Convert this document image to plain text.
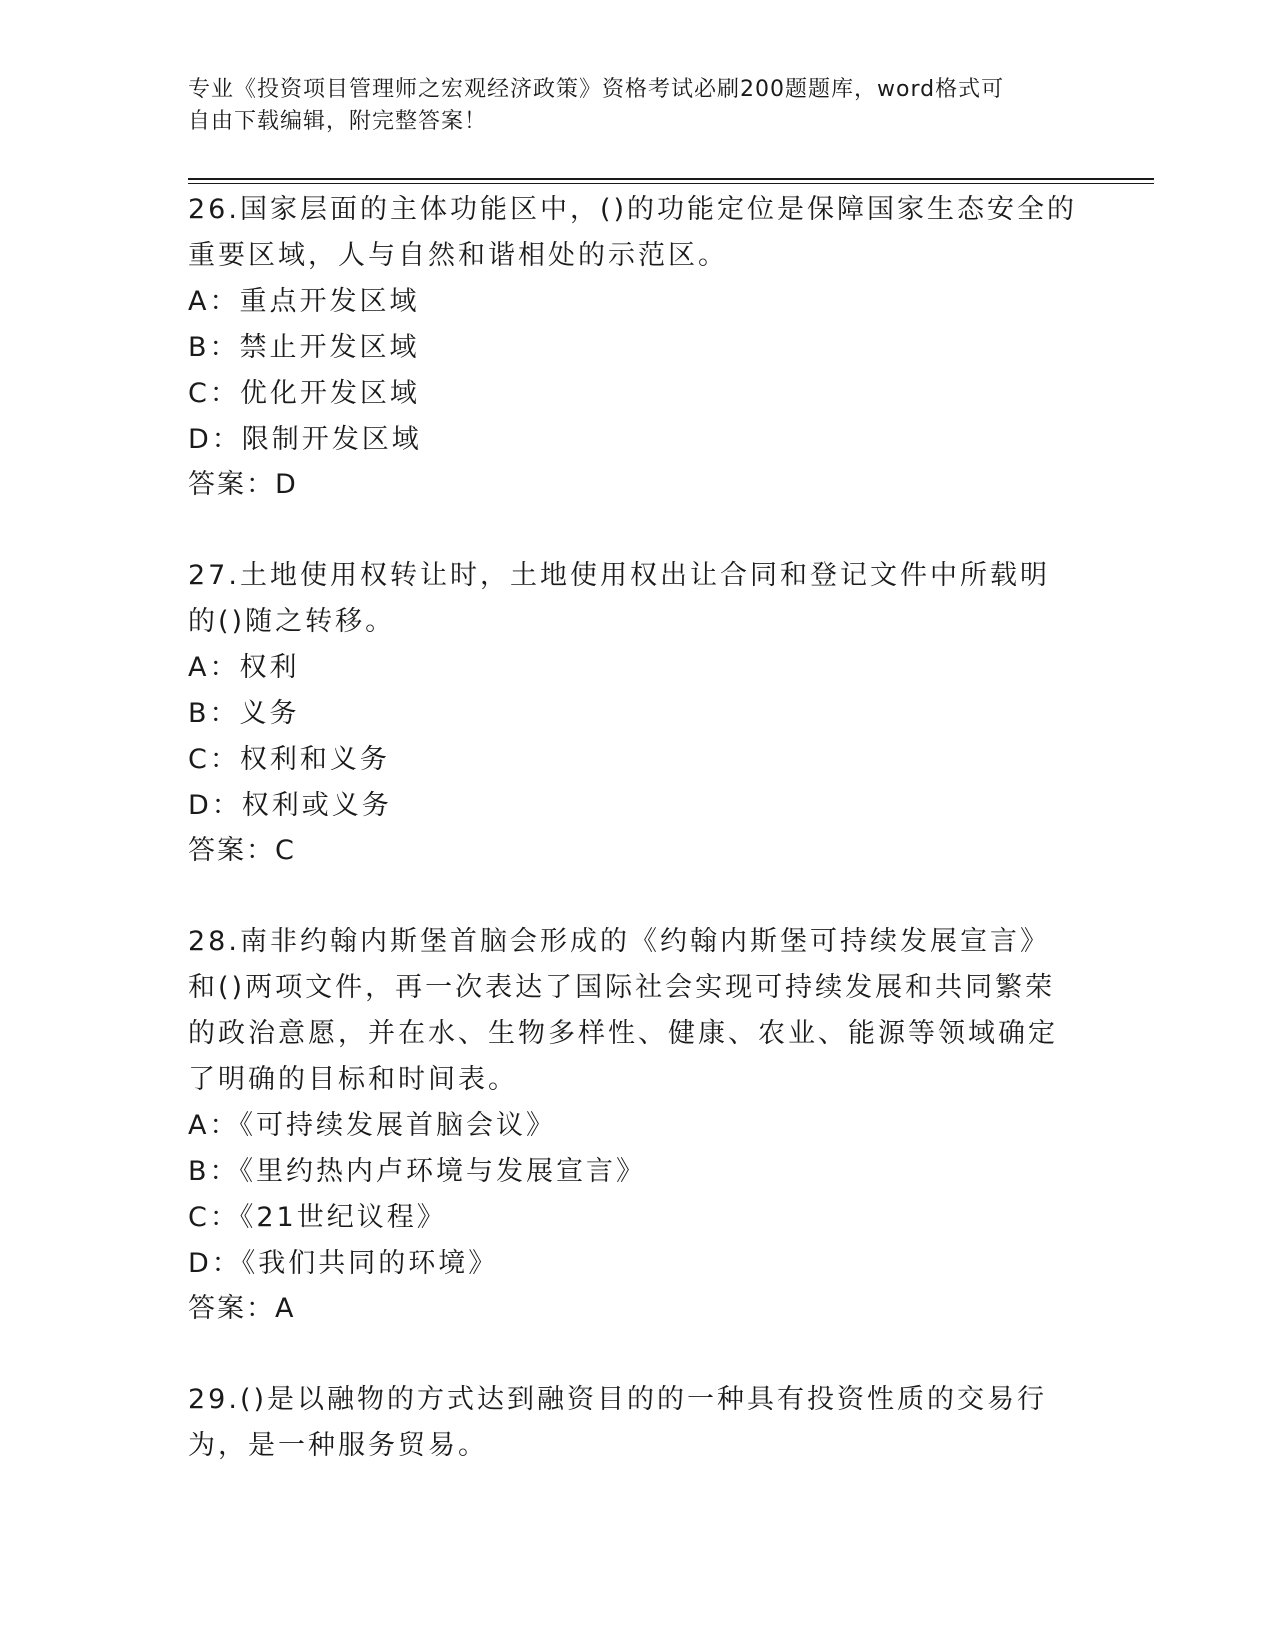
专业《投资项目管理师之宏观经济政策》资格考试必刷200题题库，word格式可
自由下载编辑，附完整答案！
26.国家层面的主体功能区中，()的功能定位是保障国家生态安全的重要区域，人与自然和谐相处的示范区。
A：重点开发区域
B：禁止开发区域
C：优化开发区域
D：限制开发区域
答案：D
27.土地使用权转让时，土地使用权出让合同和登记文件中所载明的()随之转移。
A：权利
B：义务
C：权利和义务
D：权利或义务
答案：C
28.南非约翰内斯堡首脑会形成的《约翰内斯堡可持续发展宣言》和()两项文件，再一次表达了国际社会实现可持续发展和共同繁荣的政治意愿，并在水、生物多样性、健康、农业、能源等领域确定了明确的目标和时间表。
A：《可持续发展首脑会议》
B：《里约热内卢环境与发展宣言》
C：《21世纪议程》
D：《我们共同的环境》
答案：A
29.()是以融物的方式达到融资目的的一种具有投资性质的交易行为，是一种服务贸易。
